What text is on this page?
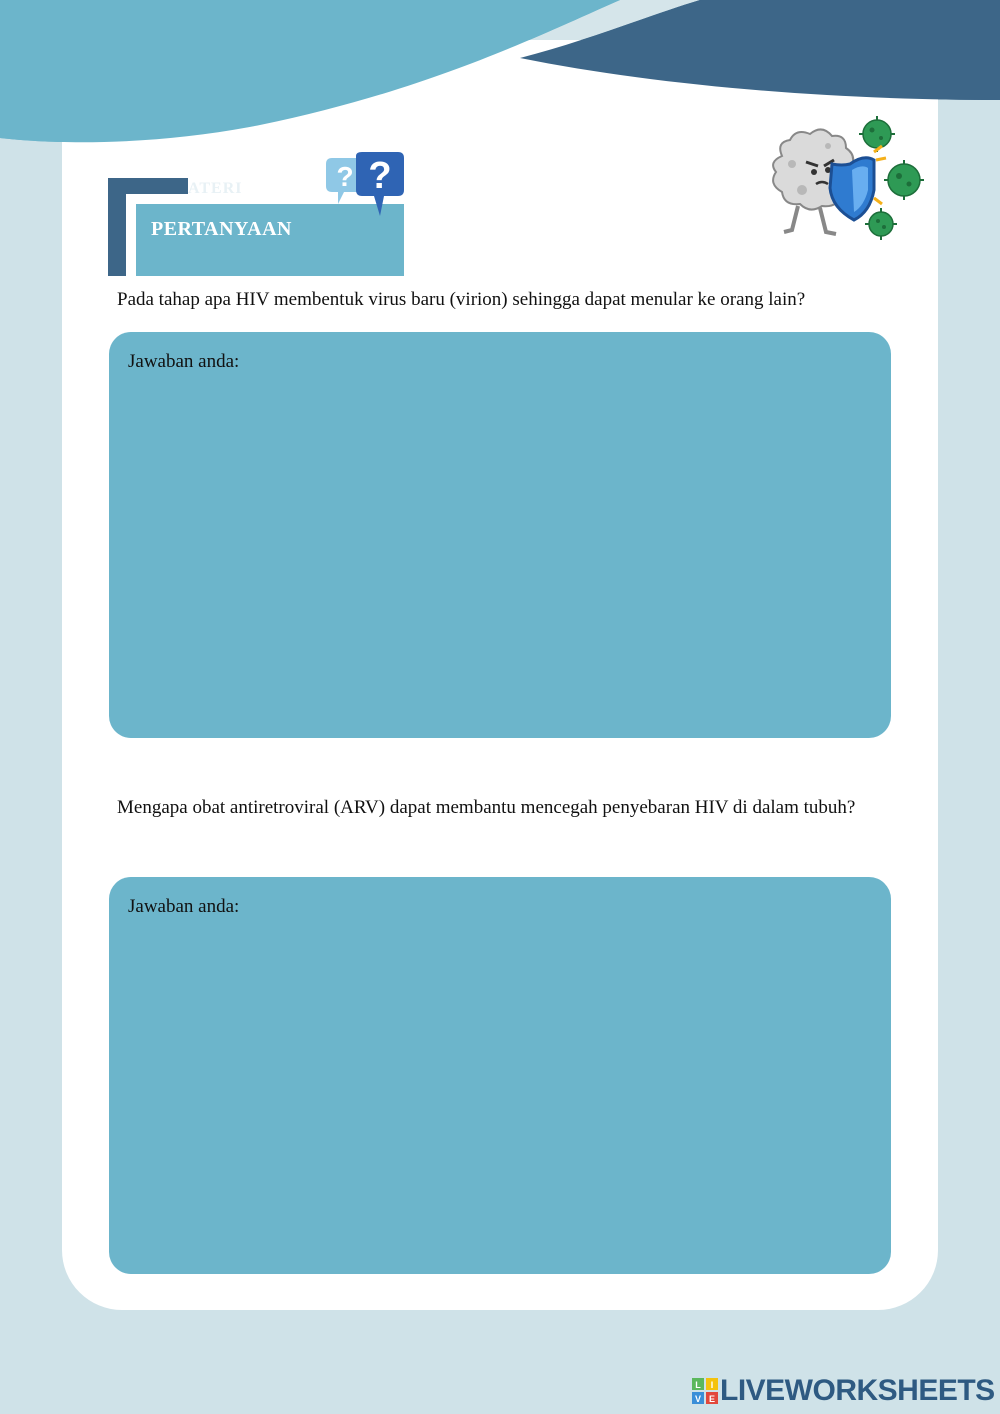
ATERI
PERTANYAAN
? ?

Pada tahap apa HIV membentuk virus baru (virion) sehingga dapat menular ke orang lain?

Jawaban anda:

Mengapa obat antiretroviral (ARV) dapat membantu mencegah penyebaran HIV di dalam tubuh?

Jawaban anda:
L I
V E LIVEWORKSHEETS
